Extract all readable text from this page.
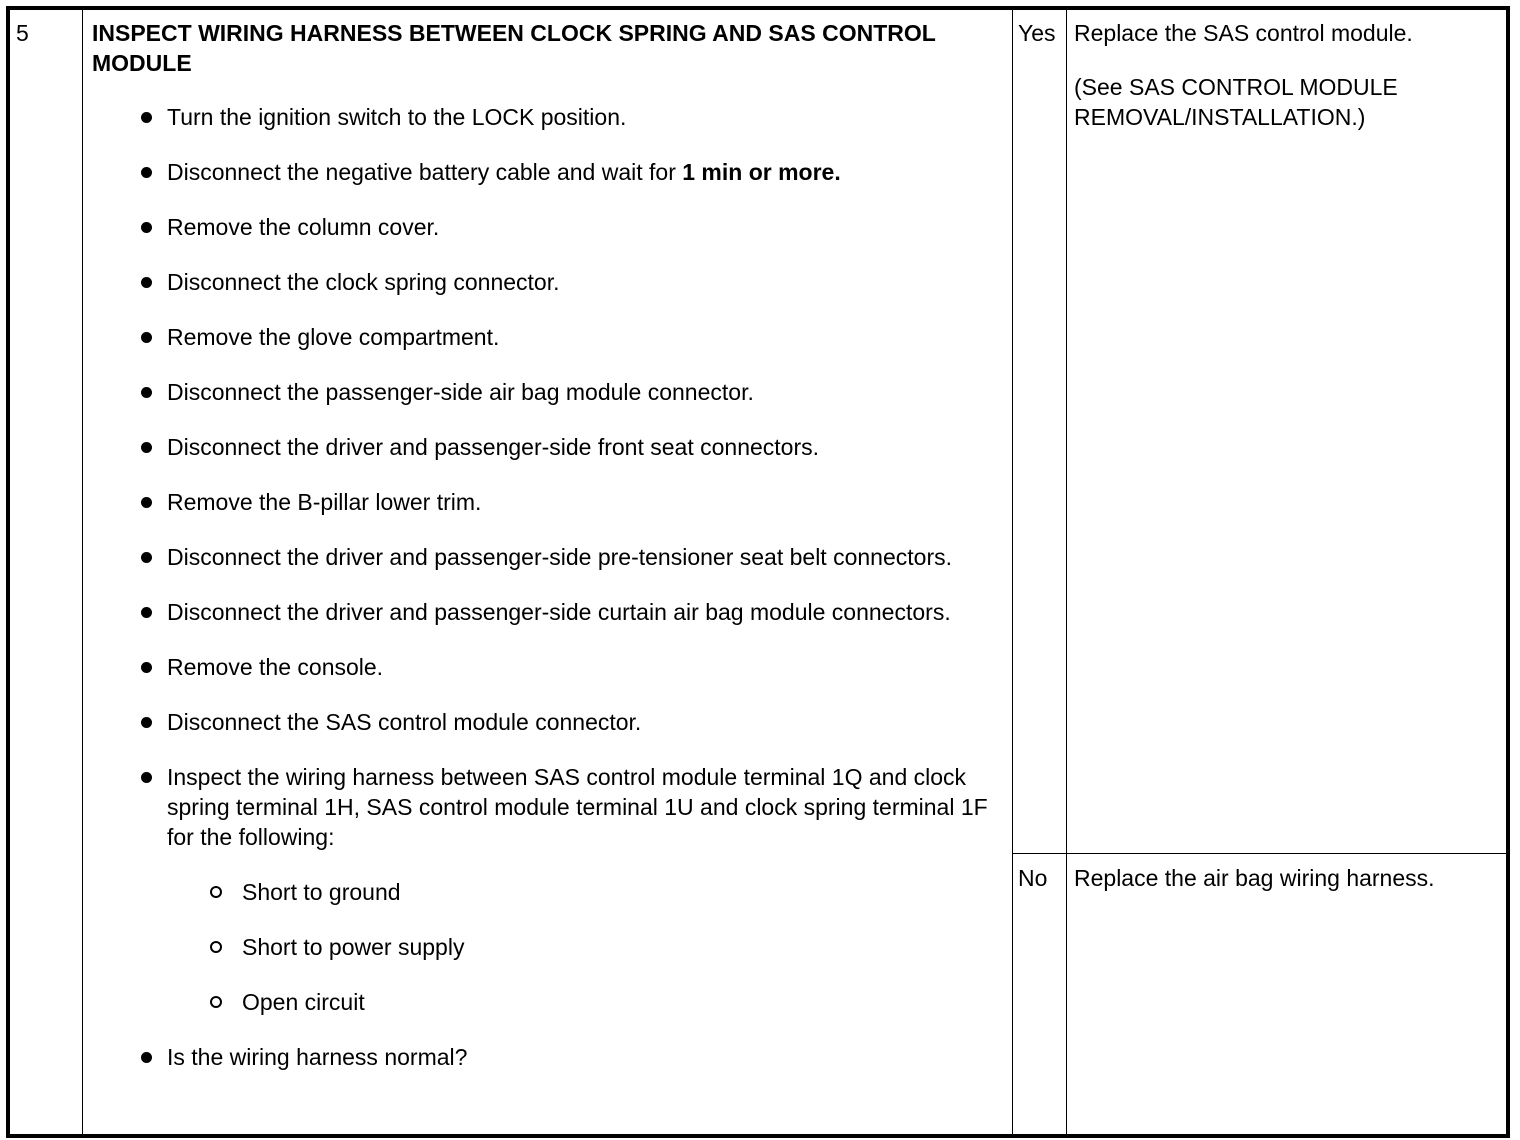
5	INSPECT WIRING HARNESS BETWEEN CLOCK SPRING AND SAS CONTROL MODULE
Turn the ignition switch to the LOCK position.
Disconnect the negative battery cable and wait for 1 min or more.
Remove the column cover.
Disconnect the clock spring connector.
Remove the glove compartment.
Disconnect the passenger-side air bag module connector.
Disconnect the driver and passenger-side front seat connectors.
Remove the B-pillar lower trim.
Disconnect the driver and passenger-side pre-tensioner seat belt connectors.
Disconnect the driver and passenger-side curtain air bag module connectors.
Remove the console.
Disconnect the SAS control module connector.
Inspect the wiring harness between SAS control module terminal 1Q and clock spring terminal 1H, SAS control module terminal 1U and clock spring terminal 1F for the following:
Short to ground
Short to power supply
Open circuit
Is the wiring harness normal?
Yes Replace the SAS control module.
(See SAS CONTROL MODULE REMOVAL/INSTALLATION.)
No Replace the air bag wiring harness.
